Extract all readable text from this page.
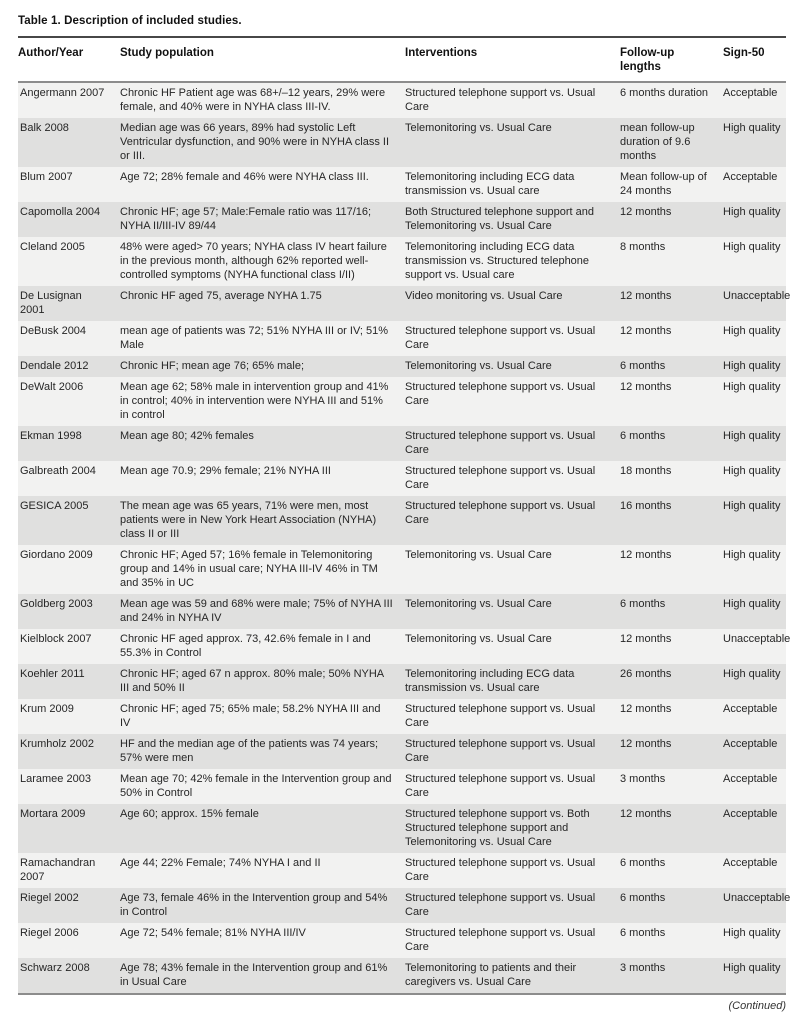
Table 1. Description of included studies.
Author/Year	Study population	Interventions	Follow-up lengths	Sign-50
Angermann 2007	Chronic HF Patient age was 68+/–12 years, 29% were female, and 40% were in NYHA class III-IV.	Structured telephone support vs. Usual Care	6 months duration	Acceptable
Balk 2008	Median age was 66 years, 89% had systolic Left Ventricular dysfunction, and 90% were in NYHA class II or III.	Telemonitoring vs. Usual Care	mean follow-up duration of 9.6 months	High quality
Blum 2007	Age 72; 28% female and 46% were NYHA class III.	Telemonitoring including ECG data transmission vs. Usual care	Mean follow-up of 24 months	Acceptable
Capomolla 2004	Chronic HF; age 57; Male:Female ratio was 117/16; NYHA II/III-IV 89/44	Both Structured telephone support and Telemonitoring vs. Usual Care	12 months	High quality
Cleland 2005	48% were aged> 70 years; NYHA class IV heart failure in the previous month, although 62% reported well-controlled symptoms (NYHA functional class I/II)	Telemonitoring including ECG data transmission vs. Structured telephone support vs. Usual care	8 months	High quality
De Lusignan 2001	Chronic HF aged 75, average NYHA 1.75	Video monitoring vs. Usual Care	12 months	Unacceptable
DeBusk 2004	mean age of patients was 72; 51% NYHA III or IV; 51% Male	Structured telephone support vs. Usual Care	12 months	High quality
Dendale 2012	Chronic HF; mean age 76; 65% male;	Telemonitoring vs. Usual Care	6 months	High quality
DeWalt 2006	Mean age 62; 58% male in intervention group and 41% in control; 40% in intervention were NYHA III and 51% in control	Structured telephone support vs. Usual Care	12 months	High quality
Ekman 1998	Mean age 80; 42% females	Structured telephone support vs. Usual Care	6 months	High quality
Galbreath 2004	Mean age 70.9; 29% female; 21% NYHA III	Structured telephone support vs. Usual Care	18 months	High quality
GESICA 2005	The mean age was 65 years, 71% were men, most patients were in New York Heart Association (NYHA) class II or III	Structured telephone support vs. Usual Care	16 months	High quality
Giordano 2009	Chronic HF; Aged 57; 16% female in Telemonitoring group and 14% in usual care; NYHA III-IV 46% in TM and 35% in UC	Telemonitoring vs. Usual Care	12 months	High quality
Goldberg 2003	Mean age was 59 and 68% were male; 75% of NYHA III and 24% in NYHA IV	Telemonitoring vs. Usual Care	6 months	High quality
Kielblock 2007	Chronic HF aged approx. 73, 42.6% female in I and 55.3% in Control	Telemonitoring vs. Usual Care	12 months	Unacceptable
Koehler 2011	Chronic HF; aged 67 n approx. 80% male; 50% NYHA III and 50% II	Telemonitoring including ECG data transmission vs. Usual care	26 months	High quality
Krum 2009	Chronic HF; aged 75; 65% male; 58.2% NYHA III and IV	Structured telephone support vs. Usual Care	12 months	Acceptable
Krumholz 2002	HF and the median age of the patients was 74 years; 57% were men	Structured telephone support vs. Usual Care	12 months	Acceptable
Laramee 2003	Mean age 70; 42% female in the Intervention group and 50% in Control	Structured telephone support vs. Usual Care	3 months	Acceptable
Mortara 2009	Age 60; approx. 15% female	Structured telephone support vs. Both Structured telephone support and Telemonitoring vs. Usual Care	12 months	Acceptable
Ramachandran 2007	Age 44; 22% Female; 74% NYHA I and II	Structured telephone support vs. Usual Care	6 months	Acceptable
Riegel 2002	Age 73, female 46% in the Intervention group and 54% in Control	Structured telephone support vs. Usual Care	6 months	Unacceptable
Riegel 2006	Age 72; 54% female; 81% NYHA III/IV	Structured telephone support vs. Usual Care	6 months	High quality
Schwarz 2008	Age 78; 43% female in the Intervention group and 61% in Usual Care	Telemonitoring to patients and their caregivers vs. Usual Care	3 months	High quality
(Continued)
